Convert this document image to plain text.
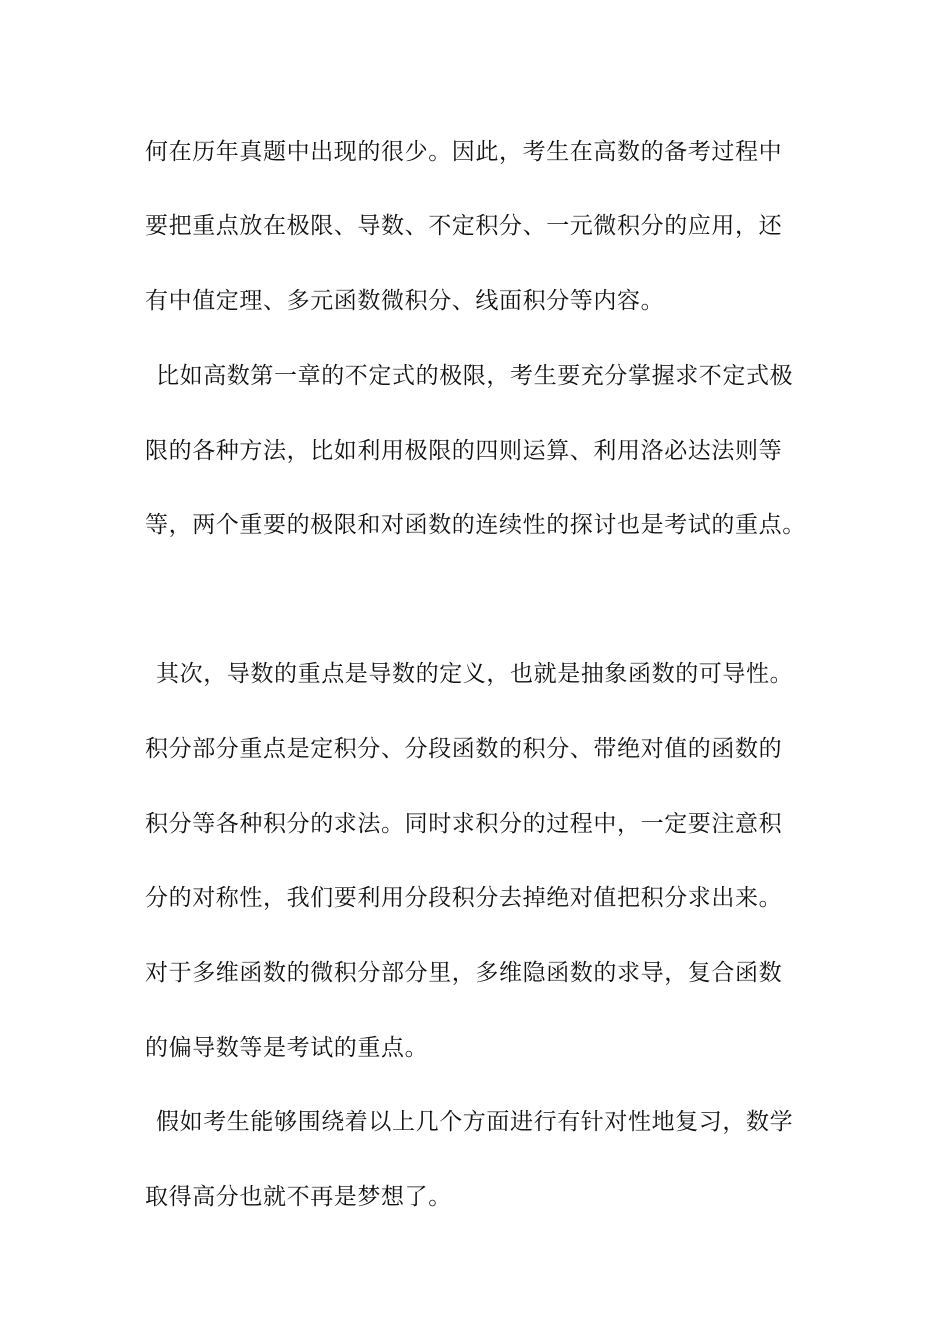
何在历年真题中出现的很少。因此，考生在高数的备考过程中

要把重点放在极限、导数、不定积分、一元微积分的应用，还

有中值定理、多元函数微积分、线面积分等内容。

比如高数第一章的不定式的极限，考生要充分掌握求不定式极

限的各种方法，比如利用极限的四则运算、利用洛必达法则等

等，两个重要的极限和对函数的连续性的探讨也是考试的重点。

其次，导数的重点是导数的定义，也就是抽象函数的可导性。

积分部分重点是定积分、分段函数的积分、带绝对值的函数的

积分等各种积分的求法。同时求积分的过程中，一定要注意积

分的对称性，我们要利用分段积分去掉绝对值把积分求出来。

对于多维函数的微积分部分里，多维隐函数的求导，复合函数

的偏导数等是考试的重点。

假如考生能够围绕着以上几个方面进行有针对性地复习，数学

取得高分也就不再是梦想了。
